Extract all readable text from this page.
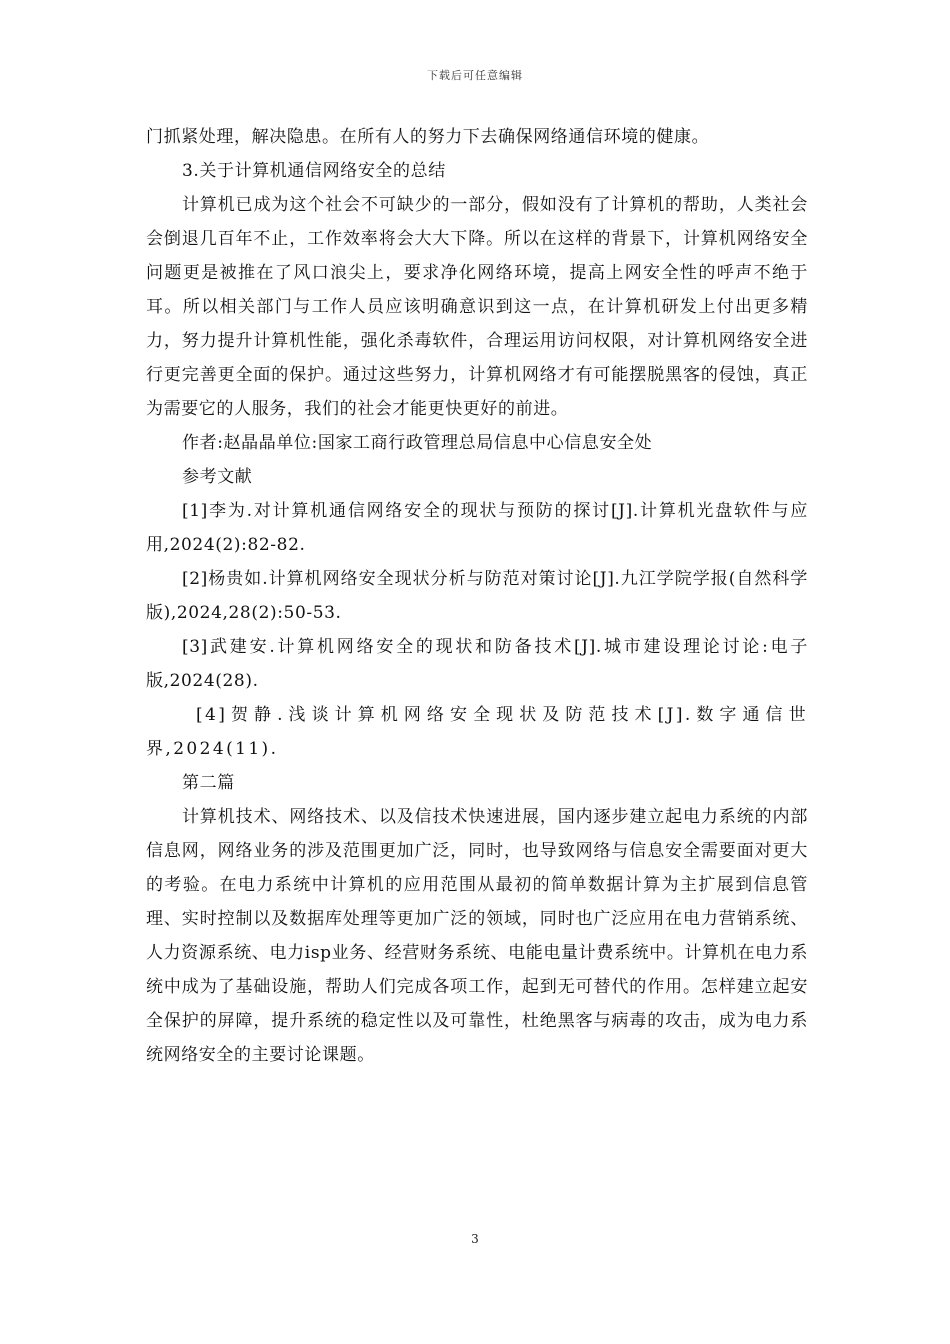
下载后可任意编辑

门抓紧处理，解决隐患。在所有人的努力下去确保网络通信环境的健康。

3.关于计算机通信网络安全的总结

计算机已成为这个社会不可缺少的一部分，假如没有了计算机的帮助，人类社会会倒退几百年不止，工作效率将会大大下降。所以在这样的背景下，计算机网络安全问题更是被推在了风口浪尖上，要求净化网络环境，提高上网安全性的呼声不绝于耳。所以相关部门与工作人员应该明确意识到这一点，在计算机研发上付出更多精力，努力提升计算机性能，强化杀毒软件，合理运用访问权限，对计算机网络安全进行更完善更全面的保护。通过这些努力，计算机网络才有可能摆脱黑客的侵蚀，真正为需要它的人服务，我们的社会才能更快更好的前进。

作者:赵晶晶单位:国家工商行政管理总局信息中心信息安全处

参考文献

[1]李为.对计算机通信网络安全的现状与预防的探讨[J].计算机光盘软件与应用,2024(2):82-82.

[2]杨贵如.计算机网络安全现状分析与防范对策讨论[J].九江学院学报(自然科学版),2024,28(2):50-53.

[3]武建安.计算机网络安全的现状和防备技术[J].城市建设理论讨论:电子版,2024(28).

[4]贺静.浅谈计算机网络安全现状及防范技术[J].数字通信世界,2024(11).

第二篇

计算机技术、网络技术、以及信技术快速进展，国内逐步建立起电力系统的内部信息网，网络业务的涉及范围更加广泛，同时，也导致网络与信息安全需要面对更大的考验。在电力系统中计算机的应用范围从最初的简单数据计算为主扩展到信息管理、实时控制以及数据库处理等更加广泛的领域，同时也广泛应用在电力营销系统、人力资源系统、电力isp业务、经营财务系统、电能电量计费系统中。计算机在电力系统中成为了基础设施，帮助人们完成各项工作，起到无可替代的作用。怎样建立起安全保护的屏障，提升系统的稳定性以及可靠性，杜绝黑客与病毒的攻击，成为电力系统网络安全的主要讨论课题。

3
